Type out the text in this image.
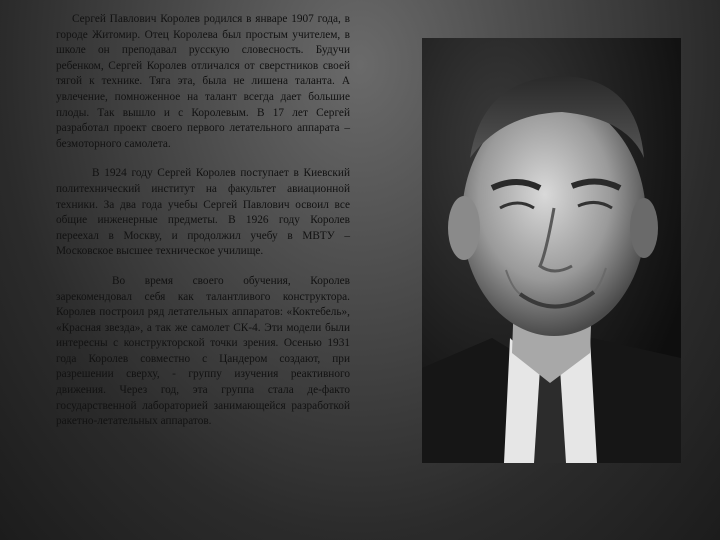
Сергей Павлович Королев родился в январе 1907 года, в городе Житомир. Отец Королева был простым учителем, в школе он преподавал русскую словесность. Будучи ребенком, Сергей Королев отличался от сверстников своей тягой к технике. Тяга эта, была не лишена таланта. А увлечение, помноженное на талант всегда дает большие плоды. Так вышло и с Королевым. В 17 лет Сергей разработал проект своего первого летательного аппарата – безмоторного самолета.

В 1924 году Сергей Королев поступает в Киевский политехнический институт на факультет авиационной техники. За два года учебы Сергей Павлович освоил все общие инженерные предметы. В 1926 году Королев переехал в Москву, и продолжил учебу в МВТУ – Московское высшее техническое училище.

Во время своего обучения, Королев зарекомендовал себя как талантливого конструктора. Королев построил ряд летательных аппаратов: «Коктебель», «Красная звезда», а так же самолет СК-4. Эти модели были интересны с конструкторской точки зрения. Осенью 1931 года Королев совместно с Цандером создают, при разрешении сверху, - группу изучения реактивного движения. Через год, эта группа стала де-факто государственной лабораторией занимающейся разработкой ракетно-летательных аппаратов.
